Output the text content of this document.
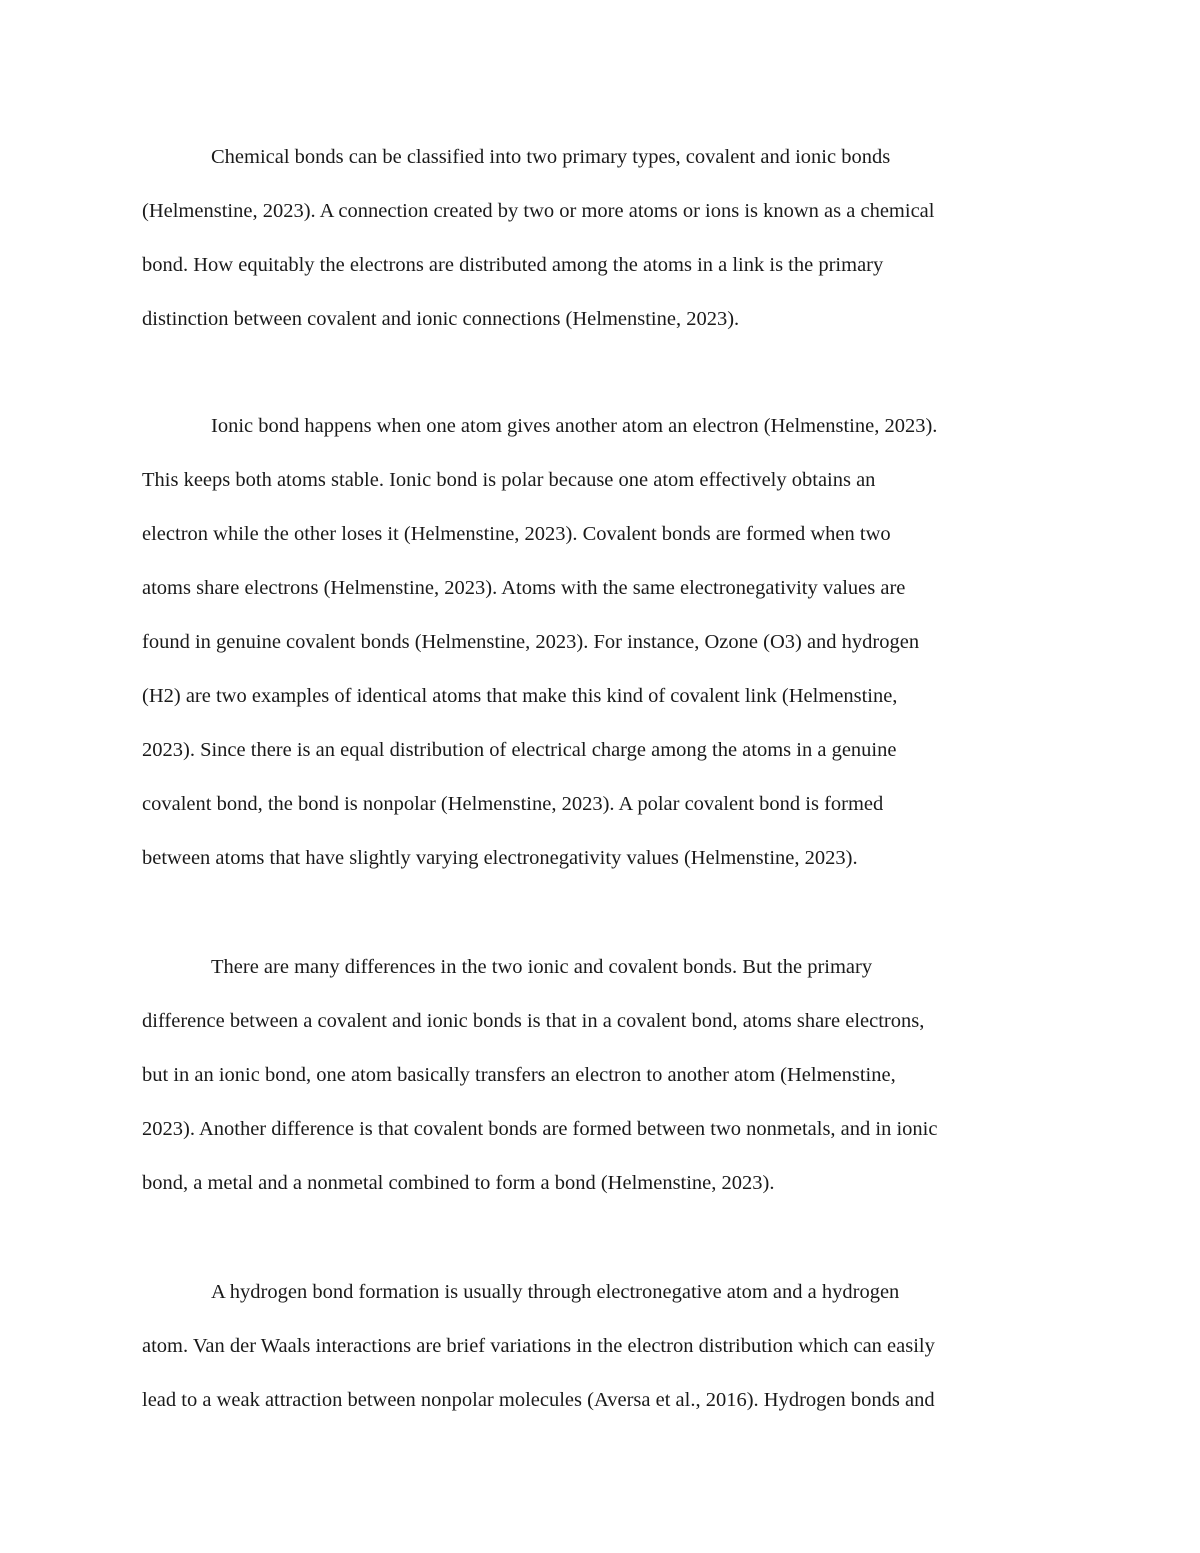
Chemical bonds can be classified into two primary types, covalent and ionic bonds

(Helmenstine, 2023). A connection created by two or more atoms or ions is known as a chemical

bond. How equitably the electrons are distributed among the atoms in a link is the primary

distinction between covalent and ionic connections (Helmenstine, 2023).

Ionic bond happens when one atom gives another atom an electron (Helmenstine, 2023).

This keeps both atoms stable. Ionic bond is polar because one atom effectively obtains an

electron while the other loses it (Helmenstine, 2023). Covalent bonds are formed when two

atoms share electrons (Helmenstine, 2023). Atoms with the same electronegativity values are

found in genuine covalent bonds (Helmenstine, 2023). For instance, Ozone (O3) and hydrogen

(H2) are two examples of identical atoms that make this kind of covalent link (Helmenstine,

2023). Since there is an equal distribution of electrical charge among the atoms in a genuine

covalent bond, the bond is nonpolar (Helmenstine, 2023). A polar covalent bond is formed

between atoms that have slightly varying electronegativity values (Helmenstine, 2023).

There are many differences in the two ionic and covalent bonds. But the primary

difference between a covalent and ionic bonds is that in a covalent bond, atoms share electrons,

but in an ionic bond, one atom basically transfers an electron to another atom (Helmenstine,

2023). Another difference is that covalent bonds are formed between two nonmetals, and in ionic

bond, a metal and a nonmetal combined to form a bond (Helmenstine, 2023).

A hydrogen bond formation is usually through electronegative atom and a hydrogen

atom. Van der Waals interactions are brief variations in the electron distribution which can easily

lead to a weak attraction between nonpolar molecules (Aversa et al., 2016). Hydrogen bonds and
